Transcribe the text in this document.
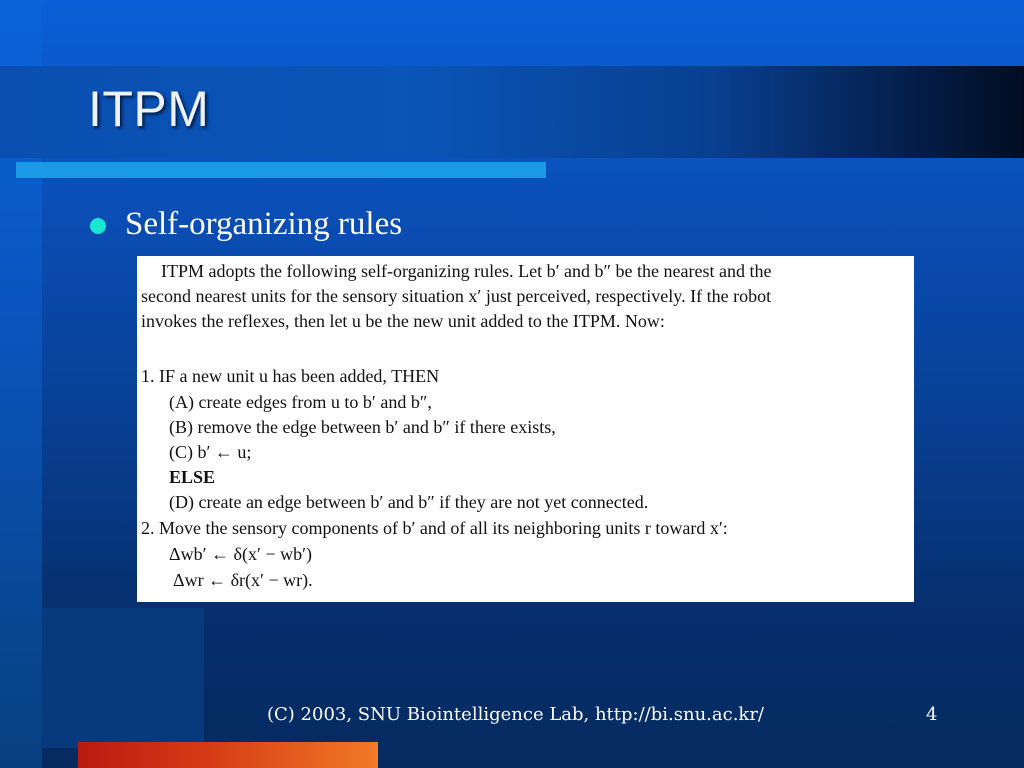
ITPM
Self-organizing rules

ITPM adopts the following self-organizing rules. Let b′ and b″ be the nearest and the

second nearest units for the sensory situation x′ just perceived, respectively. If the robot

invokes the reflexes, then let u be the new unit added to the ITPM. Now:

1. IF a new unit u has been added, THEN
(A) create edges from u to b′ and b″,
(B) remove the edge between b′ and b″ if there exists,
(C) b′ ← u;
ELSE
(D) create an edge between b′ and b″ if they are not yet connected.
2. Move the sensory components of b′ and of all its neighboring units r toward x′:
Δwb′ ← δ(x′ − wb′)
Δwr ← δr(x′ − wr).
(C) 2003, SNU Biointelligence Lab, http://bi.snu.ac.kr/	4
